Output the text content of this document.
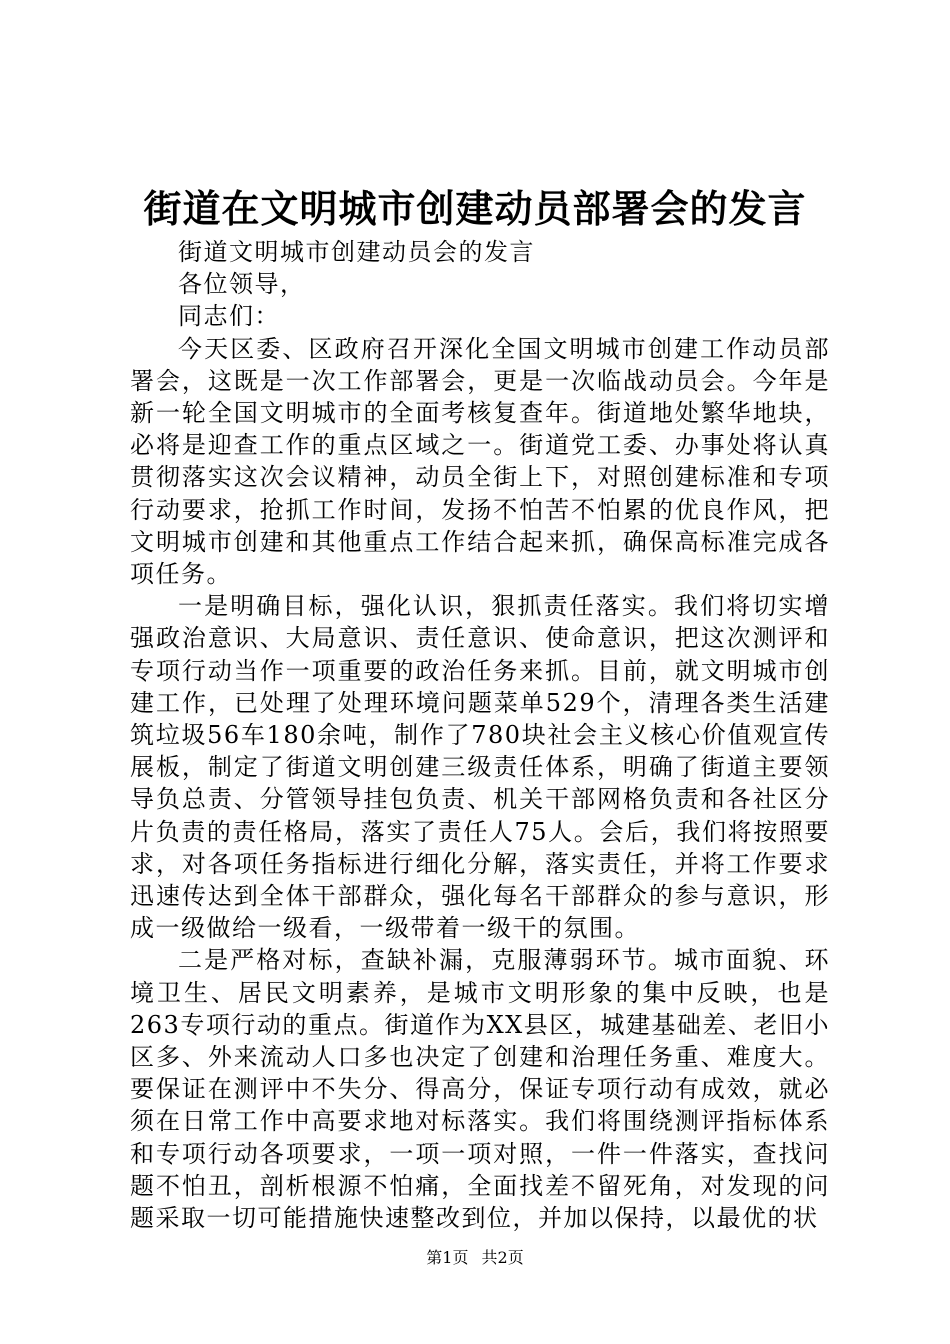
街道在文明城市创建动员部署会的发言

街道文明城市创建动员会的发言

各位领导，

同志们：

今天区委、区政府召开深化全国文明城市创建工作动员部署会，这既是一次工作部署会，更是一次临战动员会。今年是新一轮全国文明城市的全面考核复查年。街道地处繁华地块，必将是迎查工作的重点区域之一。街道党工委、办事处将认真贯彻落实这次会议精神，动员全街上下，对照创建标准和专项行动要求，抢抓工作时间，发扬不怕苦不怕累的优良作风，把文明城市创建和其他重点工作结合起来抓，确保高标准完成各项任务。

一是明确目标，强化认识，狠抓责任落实。我们将切实增强政治意识、大局意识、责任意识、使命意识，把这次测评和专项行动当作一项重要的政治任务来抓。目前，就文明城市创建工作，已处理了处理环境问题菜单529个，清理各类生活建筑垃圾56车180余吨，制作了780块社会主义核心价值观宣传展板，制定了街道文明创建三级责任体系，明确了街道主要领导负总责、分管领导挂包负责、机关干部网格负责和各社区分片负责的责任格局，落实了责任人75人。会后，我们将按照要求，对各项任务指标进行细化分解，落实责任，并将工作要求迅速传达到全体干部群众，强化每名干部群众的参与意识，形成一级做给一级看，一级带着一级干的氛围。

二是严格对标，查缺补漏，克服薄弱环节。城市面貌、环境卫生、居民文明素养，是城市文明形象的集中反映，也是263专项行动的重点。街道作为XX县区，城建基础差、老旧小区多、外来流动人口多也决定了创建和治理任务重、难度大。要保证在测评中不失分、得高分，保证专项行动有成效，就必须在日常工作中高要求地对标落实。我们将围绕测评指标体系和专项行动各项要求，一项一项对照，一件一件落实，查找问题不怕丑，剖析根源不怕痛，全面找差不留死角，对发现的问题采取一切可能措施快速整改到位，并加以保持，以最优的状

第1页 共2页
